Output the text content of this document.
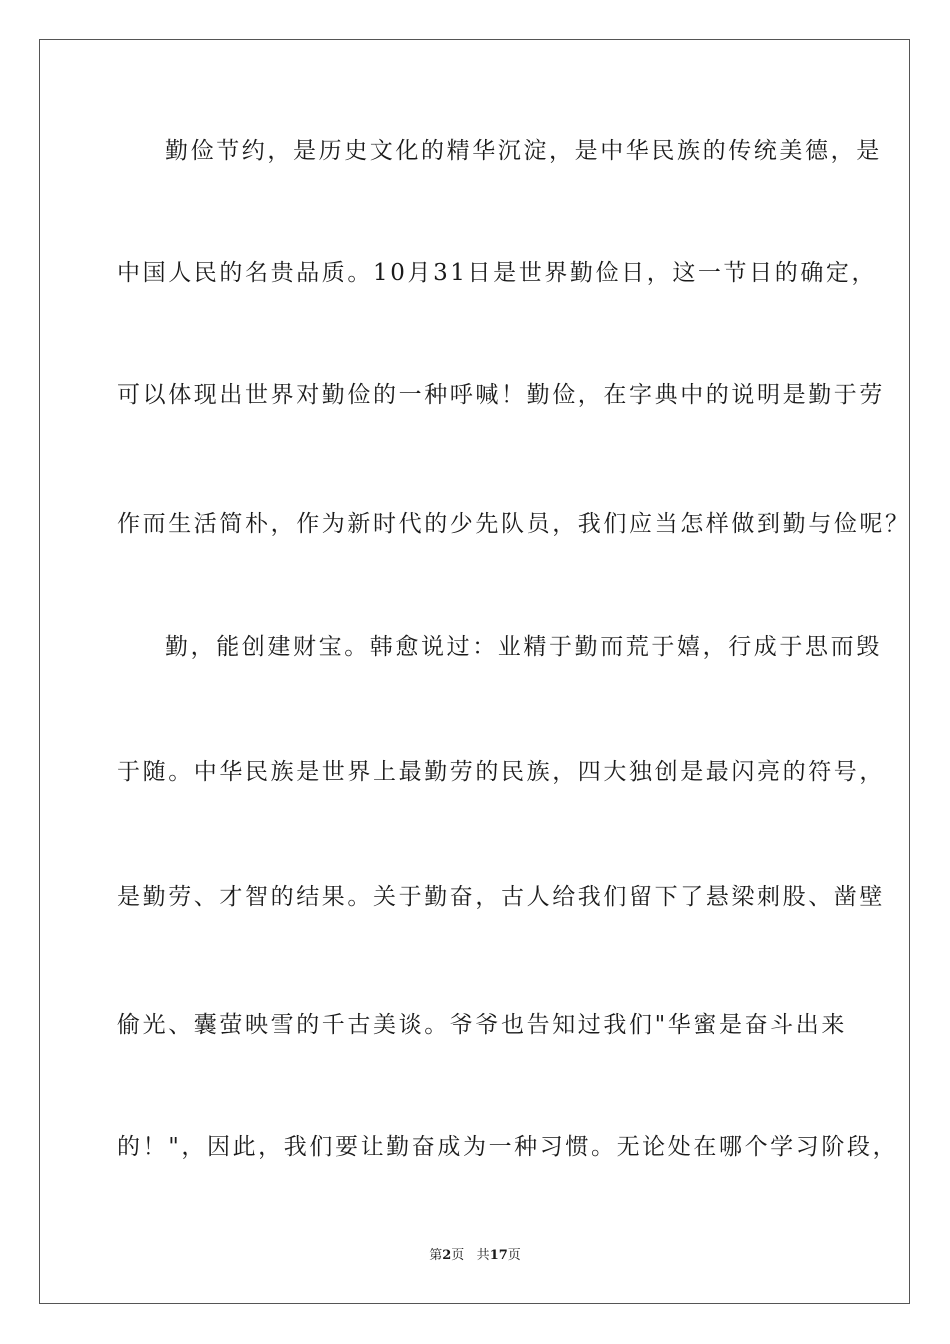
勤俭节约，是历史文化的精华沉淀，是中华民族的传统美德，是

中国人民的名贵品质。10月31日是世界勤俭日，这一节日的确定，

可以体现出世界对勤俭的一种呼喊！勤俭，在字典中的说明是勤于劳

作而生活简朴，作为新时代的少先队员，我们应当怎样做到勤与俭呢？

勤，能创建财宝。韩愈说过：业精于勤而荒于嬉，行成于思而毁

于随。中华民族是世界上最勤劳的民族，四大独创是最闪亮的符号，

是勤劳、才智的结果。关于勤奋，古人给我们留下了悬梁刺股、凿壁

偷光、囊萤映雪的千古美谈。爷爷也告知过我们"华蜜是奋斗出来

的！"，因此，我们要让勤奋成为一种习惯。无论处在哪个学习阶段，

第2页 共17页
